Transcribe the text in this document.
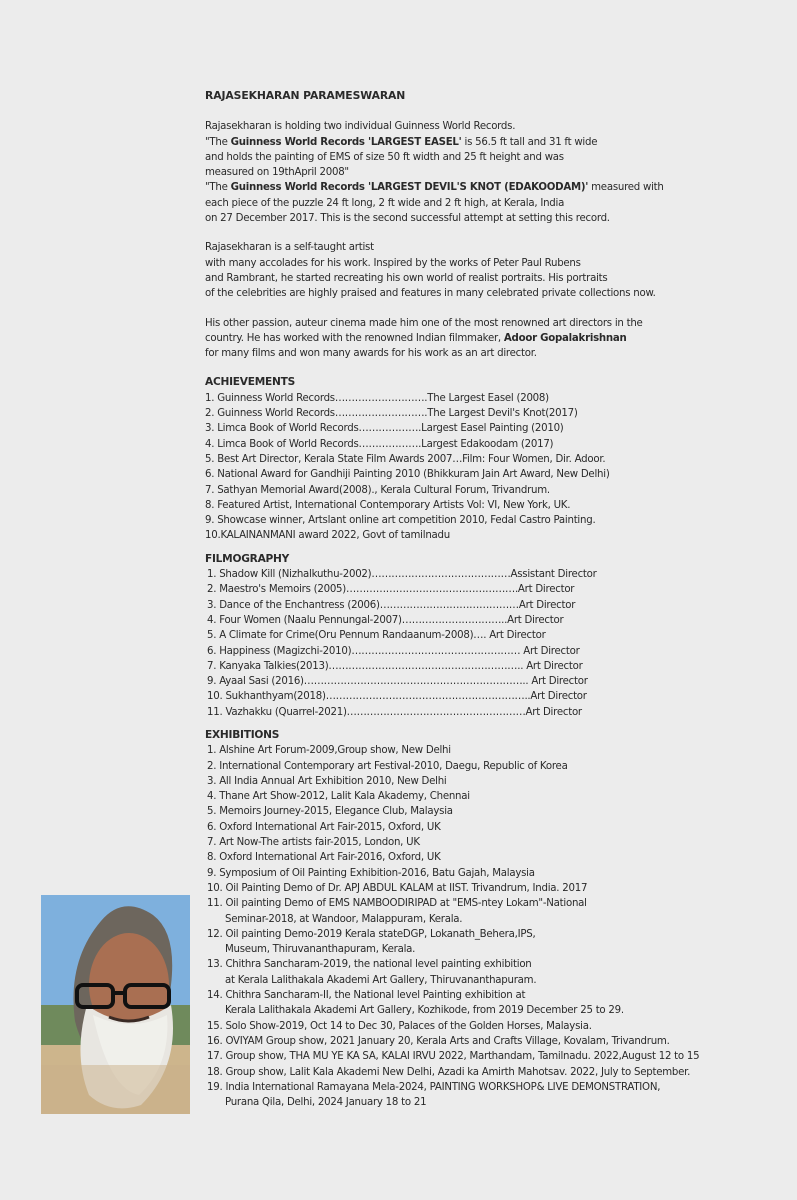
RAJASEKHARAN PARAMESWARAN
Rajasekharan is holding two individual Guinness World Records.
"The Guinness World Records 'LARGEST EASEL' is 56.5 ft tall and 31 ft wide
and holds the painting of EMS of size 50 ft width and 25 ft height and was
measured on 19thApril 2008"
"The Guinness World Records 'LARGEST DEVIL'S KNOT (EDAKOODAM)' measured with
each piece of the puzzle 24 ft long, 2 ft wide and 2 ft high, at Kerala, India
on 27 December 2017. This is the second successful attempt at setting this record.
Rajasekharan is a self-taught artist
with many accolades for his work. Inspired by the works of Peter Paul Rubens
and Rambrant, he started recreating his own world of realist portraits. His portraits
of the celebrities are highly praised and features in many celebrated private collections now.
His other passion, auteur cinema made him one of the most renowned art directors in the
country. He has worked with the renowned Indian filmmaker, Adoor Gopalakrishnan
for many films and won many awards for his work as an art director.
ACHIEVEMENTS
1. Guinness World Records……………………….The Largest Easel (2008)
2. Guinness World Records……………………….The Largest Devil's Knot(2017)
3. Limca Book of World Records……………….Largest Easel Painting (2010)
4. Limca Book of World Records……………….Largest Edakoodam (2017)
5. Best Art Director, Kerala State Film Awards 2007…Film: Four Women, Dir. Adoor.
6. National Award for Gandhiji Painting 2010 (Bhikkuram Jain Art Award, New Delhi)
7. Sathyan Memorial Award(2008)., Kerala Cultural Forum, Trivandrum.
8. Featured Artist, International Contemporary Artists Vol: VI, New York, UK.
9. Showcase winner, Artslant online art competition 2010, Fedal Castro Painting.
10.KALAINANMANI award 2022, Govt of tamilnadu
FILMOGRAPHY
1. Shadow Kill (Nizhalkuthu-2002)……………………………………Assistant Director
2. Maestro's Memoirs (2005)…………………………………………….Art Director
3. Dance of the Enchantress (2006)……………………………………Art Director
4. Four Women (Naalu Pennungal-2007)…………………………..Art Director
5. A Climate for Crime(Oru Pennum Randaanum-2008)…. Art Director
6. Happiness (Magizchi-2010)…………………………………………… Art Director
7. Kanyaka Talkies(2013)………………………………………………….. Art Director
9. Ayaal Sasi (2016)………………………………………………………….. Art Director
10. Sukhanthyam(2018)……………………………………………………..Art Director
11. Vazhakku (Quarrel-2021)………………………………………………Art Director
EXHIBITIONS
1. Alshine Art Forum-2009,Group show, New Delhi
2. International Contemporary art Festival-2010, Daegu, Republic of Korea
3. All India Annual Art Exhibition 2010, New Delhi
4. Thane Art Show-2012, Lalit Kala Akademy, Chennai
5. Memoirs Journey-2015, Elegance Club, Malaysia
6. Oxford International Art Fair-2015, Oxford, UK
7. Art Now-The artists fair-2015, London, UK
8. Oxford International Art Fair-2016, Oxford, UK
9. Symposium of Oil Painting Exhibition-2016, Batu Gajah, Malaysia
10. Oil Painting Demo of Dr. APJ ABDUL KALAM at IIST. Trivandrum, India. 2017
11. Oil painting Demo of EMS NAMBOODIRIPAD at "EMS-ntey Lokam"-National
Seminar-2018, at Wandoor, Malappuram, Kerala.
12. Oil painting Demo-2019 Kerala stateDGP, Lokanath_Behera,IPS,
Museum, Thiruvananthapuram, Kerala.
13. Chithra Sancharam-2019, the national level painting exhibition
at Kerala Lalithakala Akademi Art Gallery, Thiruvananthapuram.
14. Chithra Sancharam-II, the National level Painting exhibition at
Kerala Lalithakala Akademi Art Gallery, Kozhikode, from 2019 December 25 to 29.
15. Solo Show-2019, Oct 14 to Dec 30, Palaces of the Golden Horses, Malaysia.
16. OVIYAM Group show, 2021 January 20, Kerala Arts and Crafts Village, Kovalam, Trivandrum.
17. Group show, THA MU YE KA SA, KALAI IRVU 2022, Marthandam, Tamilnadu. 2022,August 12 to 15
18. Group show, Lalit Kala Akademi New Delhi, Azadi ka Amirth Mahotsav. 2022, July to September.
19. India International Ramayana Mela-2024, PAINTING WORKSHOP& LIVE DEMONSTRATION,
Purana Qila, Delhi, 2024 January 18 to 21
